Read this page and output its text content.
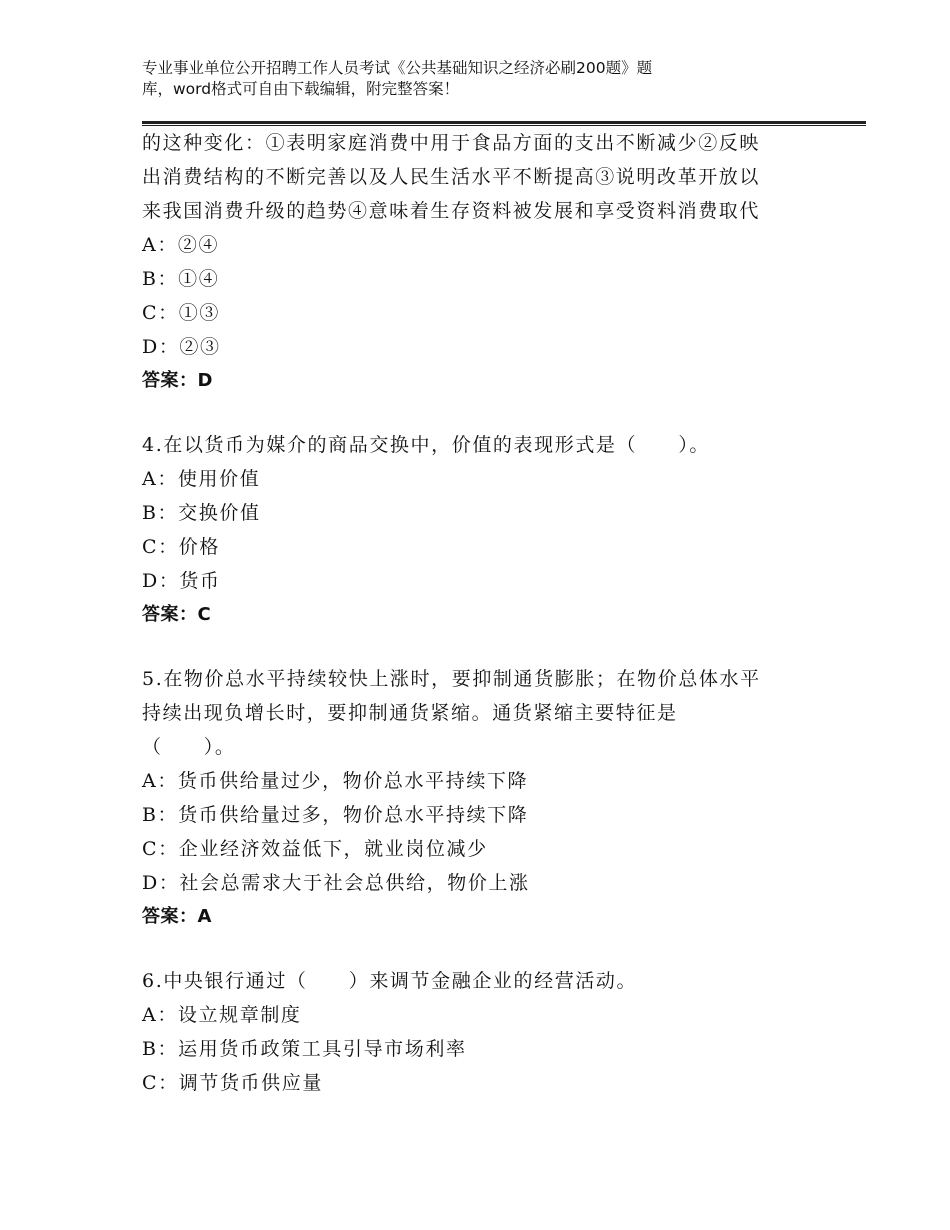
专业事业单位公开招聘工作人员考试《公共基础知识之经济必刷200题》题
库，word格式可自由下载编辑，附完整答案！
的这种变化：①表明家庭消费中用于食品方面的支出不断减少②反映
出消费结构的不断完善以及人民生活水平不断提高③说明改革开放以
来我国消费升级的趋势④意味着生存资料被发展和享受资料消费取代
A：②④
B：①④
C：①③
D：②③
答案：D
4.在以货币为媒介的商品交换中，价值的表现形式是（　　）。
A：使用价值
B：交换价值
C：价格
D：货币
答案：C
5.在物价总水平持续较快上涨时，要抑制通货膨胀；在物价总体水平
持续出现负增长时，要抑制通货紧缩。通货紧缩主要特征是
（　　）。
A：货币供给量过少，物价总水平持续下降
B：货币供给量过多，物价总水平持续下降
C：企业经济效益低下，就业岗位减少
D：社会总需求大于社会总供给，物价上涨
答案：A
6.中央银行通过（　　）来调节金融企业的经营活动。
A：设立规章制度
B：运用货币政策工具引导市场利率
C：调节货币供应量
